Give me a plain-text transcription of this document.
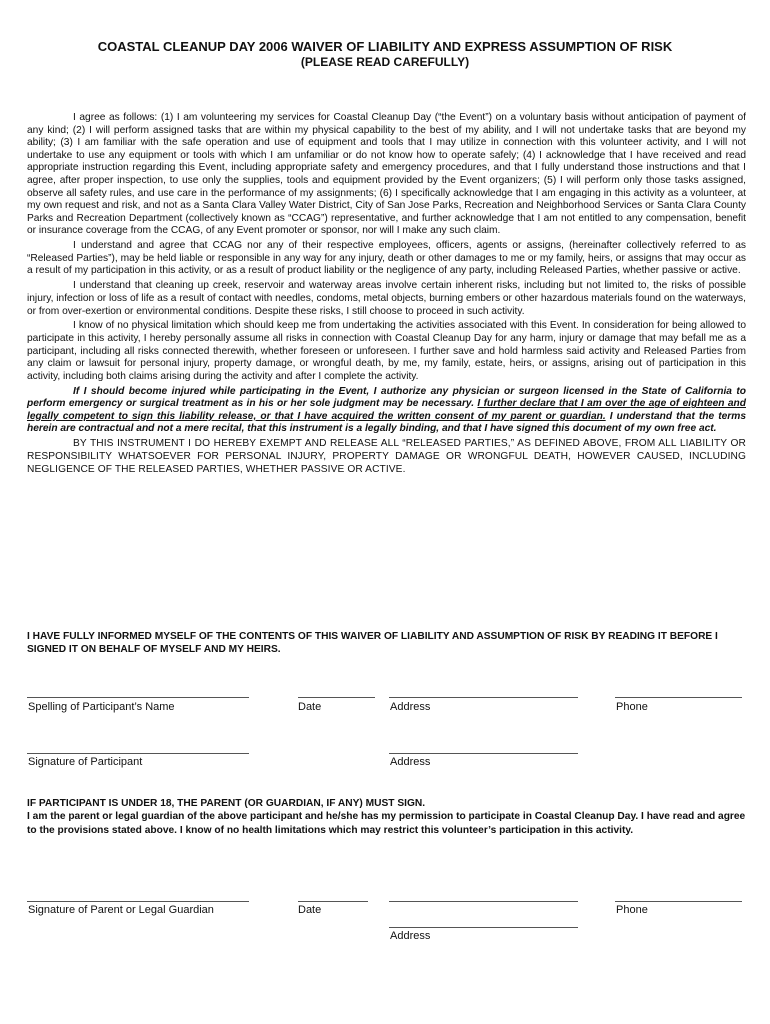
COASTAL CLEANUP DAY 2006 WAIVER OF LIABILITY AND EXPRESS ASSUMPTION OF RISK
(PLEASE READ CAREFULLY)

I agree as follows: (1) I am volunteering my services for Coastal Cleanup Day (“the Event”) on a voluntary basis without anticipation of payment of any kind; (2) I will perform assigned tasks that are within my physical capability to the best of my ability, and I will not undertake tasks that are beyond my ability; (3) I am familiar with the safe operation and use of equipment and tools that I may utilize in connection with this volunteer activity, and I will not undertake to use any equipment or tools with which I am unfamiliar or do not know how to operate safely; (4) I acknowledge that I have received and read appropriate instruction regarding this Event, including appropriate safety and emergency procedures, and that I fully understand those instructions and that I agree, after proper inspection, to use only the supplies, tools and equipment provided by the Event organizers; (5) I will perform only those tasks assigned, observe all safety rules, and use care in the performance of my assignments; (6) I specifically acknowledge that I am engaging in this activity as a volunteer, at my own request and risk, and not as a Santa Clara Valley Water District, City of San Jose Parks, Recreation and Neighborhood Services or Santa Clara County Parks and Recreation Department (collectively known as “CCAG”) representative, and further acknowledge that I am not entitled to any compensation, benefit or insurance coverage from the CCAG, of any Event promoter or sponsor, nor will I make any such claim.

I understand and agree that CCAG nor any of their respective employees, officers, agents or assigns, (hereinafter collectively referred to as “Released Parties”), may be held liable or responsible in any way for any injury, death or other damages to me or my family, heirs, or assigns that may occur as a result of my participation in this activity, or as a result of product liability or the negligence of any party, including Released Parties, whether passive or active.

I understand that cleaning up creek, reservoir and waterway areas involve certain inherent risks, including but not limited to, the risks of possible injury, infection or loss of life as a result of contact with needles, condoms, metal objects, burning embers or other hazardous materials found on the waterways, or from over-exertion or environmental conditions. Despite these risks, I still choose to proceed in such activity.

I know of no physical limitation which should keep me from undertaking the activities associated with this Event. In consideration for being allowed to participate in this activity, I hereby personally assume all risks in connection with Coastal Cleanup Day for any harm, injury or damage that may befall me as a participant, including all risks connected therewith, whether foreseen or unforeseen. I further save and hold harmless said activity and Released Parties from any claim or lawsuit for personal injury, property damage, or wrongful death, by me, my family, estate, heirs, or assigns, arising out of participation in this activity, including both claims arising during the activity and after I complete the activity.

If I should become injured while participating in the Event, I authorize any physician or surgeon licensed in the State of California to perform emergency or surgical treatment as in his or her sole judgment may be necessary. I further declare that I am over the age of eighteen and legally competent to sign this liability release, or that I have acquired the written consent of my parent or guardian. I understand that the terms herein are contractual and not a mere recital, that this instrument is a legally binding, and that I have signed this document of my own free act.

BY THIS INSTRUMENT I DO HEREBY EXEMPT AND RELEASE ALL “RELEASED PARTIES,” AS DEFINED ABOVE, FROM ALL LIABILITY OR RESPONSIBILITY WHATSOEVER FOR PERSONAL INJURY, PROPERTY DAMAGE OR WRONGFUL DEATH, HOWEVER CAUSED, INCLUDING NEGLIGENCE OF THE RELEASED PARTIES, WHETHER PASSIVE OR ACTIVE.

I HAVE FULLY INFORMED MYSELF OF THE CONTENTS OF THIS WAIVER OF LIABILITY AND ASSUMPTION OF RISK BY READING IT BEFORE I SIGNED IT ON BEHALF OF MYSELF AND MY HEIRS.

Spelling of Participant’s Name	Date	Address	Phone
Signature of Participant	Address
IF PARTICIPANT IS UNDER 18, THE PARENT (OR GUARDIAN, IF ANY) MUST SIGN.
I am the parent or legal guardian of the above participant and he/she has my permission to participate in Coastal Cleanup Day. I have read and agree to the provisions stated above. I know of no health limitations which may restrict this volunteer’s participation in this activity.
Signature of Parent or Legal Guardian	Date	Phone
Address
